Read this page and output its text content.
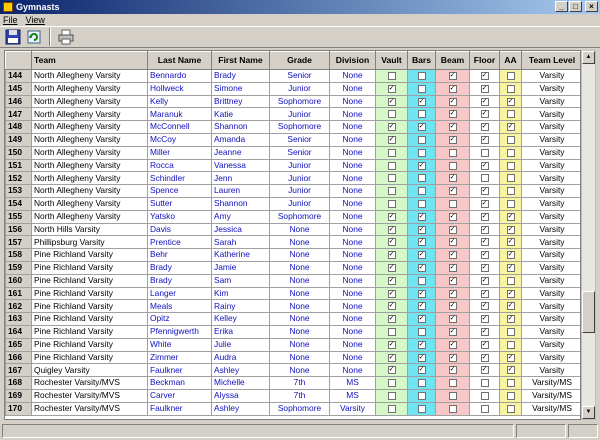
Gymnasts	_	□	×
File View
	Team	Last Name	First Name	Grade	Division	Vault	Bars	Beam	Floor	AA	Team Level
144	North Allegheny Varsity	Bennardo	Brady	Senior	None			✓	✓		Varsity
145	North Allegheny Varsity	Hollweck	Simone	Junior	None	✓		✓	✓		Varsity
146	North Allegheny Varsity	Kelly	Brittney	Sophomore	None	✓	✓	✓	✓	✓	Varsity
147	North Allegheny Varsity	Maranuk	Katie	Junior	None			✓	✓		Varsity
148	North Allegheny Varsity	McConnell	Shannon	Sophomore	None	✓	✓	✓	✓	✓	Varsity
149	North Allegheny Varsity	McCoy	Amanda	Senior	None	✓		✓	✓		Varsity
150	North Allegheny Varsity	Miller	Jeanne	Senior	None						Varsity
151	North Allegheny Varsity	Rocca	Vanessa	Junior	None		✓		✓		Varsity
152	North Allegheny Varsity	Schindler	Jenn	Junior	None			✓			Varsity
153	North Allegheny Varsity	Spence	Lauren	Junior	None			✓	✓		Varsity
154	North Allegheny Varsity	Sutter	Shannon	Junior	None				✓		Varsity
155	North Allegheny Varsity	Yatsko	Amy	Sophomore	None	✓	✓	✓	✓	✓	Varsity
156	North Hills Varsity	Davis	Jessica	None	None	✓	✓	✓	✓	✓	Varsity
157	Phillipsburg Varsity	Prentice	Sarah	None	None	✓	✓	✓	✓	✓	Varsity
158	Pine Richland Varsity	Behr	Katherine	None	None	✓	✓	✓	✓	✓	Varsity
159	Pine Richland Varsity	Brady	Jamie	None	None	✓	✓	✓	✓	✓	Varsity
160	Pine Richland Varsity	Brady	Sam	None	None	✓		✓	✓		Varsity
161	Pine Richland Varsity	Langer	Kim	None	None	✓	✓	✓	✓	✓	Varsity
162	Pine Richland Varsity	Meals	Rainy	None	None	✓	✓	✓	✓	✓	Varsity
163	Pine Richland Varsity	Opitz	Kelley	None	None	✓	✓	✓	✓	✓	Varsity
164	Pine Richland Varsity	Pfennigwerth	Erika	None	None			✓	✓		Varsity
165	Pine Richland Varsity	White	Julie	None	None	✓	✓	✓	✓		Varsity
166	Pine Richland Varsity	Zimmer	Audra	None	None	✓	✓	✓	✓	✓	Varsity
167	Quigley Varsity	Faulkner	Ashley	None	None	✓	✓	✓	✓	✓	Varsity
168	Rochester Varsity/MVS	Beckman	Michelle	7th	MS						Varsity/MS
169	Rochester Varsity/MVS	Carver	Alyssa	7th	MS						Varsity/MS
170	Rochester Varsity/MVS	Faulkner	Ashley	Sophomore	Varsity						Varsity/MS
▲
▼
